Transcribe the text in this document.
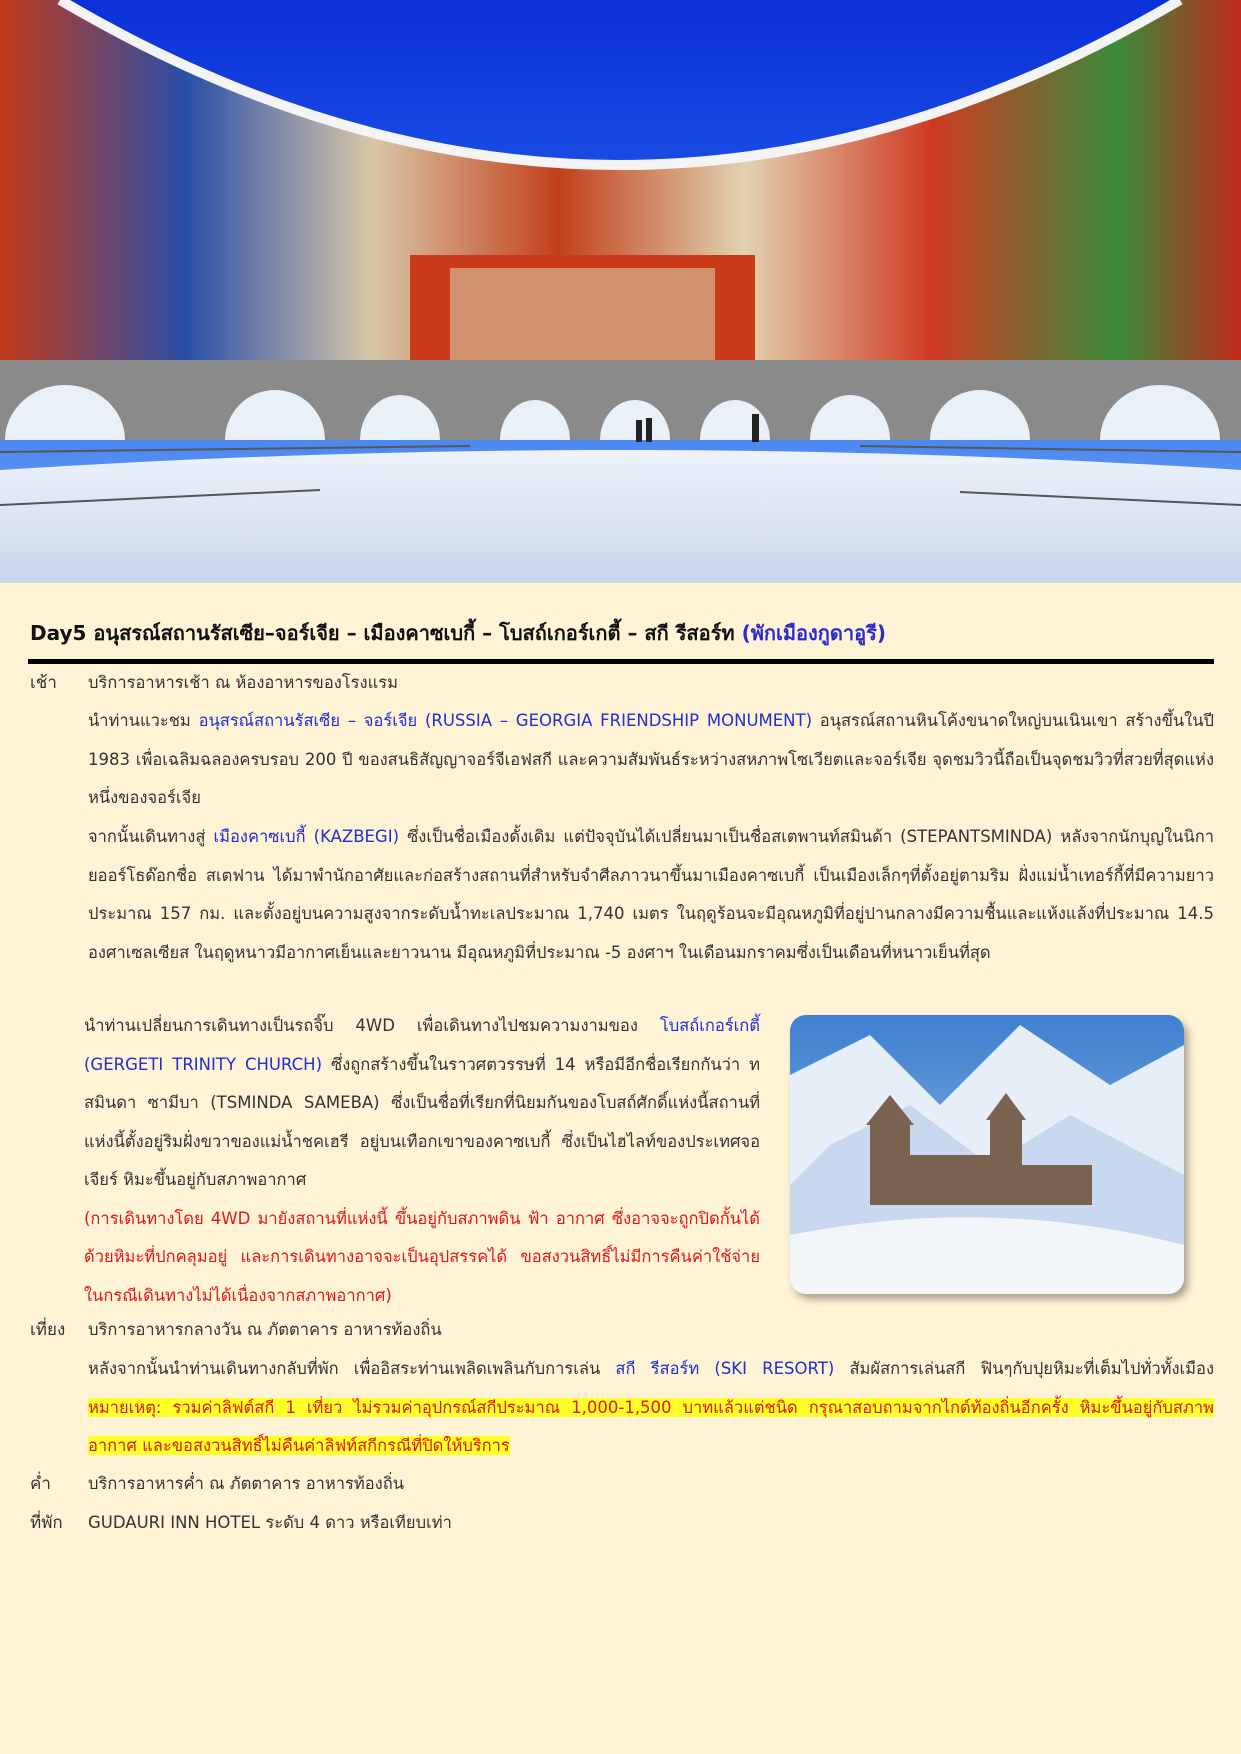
Day5 อนุสรณ์สถานรัสเซีย–จอร์เจีย – เมืองคาซเบกี้ – โบสถ์เกอร์เกตี้ – สกี รีสอร์ท (พักเมืองกูดาอูรี)
เช้า บริการอาหารเช้า ณ ห้องอาหารของโรงแรม
นำท่านแวะชม อนุสรณ์สถานรัสเซีย – จอร์เจีย (RUSSIA – GEORGIA FRIENDSHIP MONUMENT) อนุสรณ์สถานหินโค้งขนาดใหญ่บนเนินเขา สร้างขึ้นในปี 1983 เพื่อเฉลิมฉลองครบรอบ 200 ปี ของสนธิสัญญาจอร์จีเอฟสกี และความสัมพันธ์ระหว่างสหภาพโซเวียตและจอร์เจีย จุดชมวิวนี้ถือเป็นจุดชมวิวที่สวยที่สุดแห่งหนึ่งของจอร์เจีย
จากนั้นเดินทางสู่ เมืองคาซเบกี้ (KAZBEGI) ซึ่งเป็นชื่อเมืองดั้งเดิม แต่ปัจจุบันได้เปลี่ยนมาเป็นชื่อสเตพานท์สมินด้า (STEPANTSMINDA) หลังจากนักบุญในนิกายออร์โธด๊อกชื่อ สเตฟาน ได้มาพำนักอาศัยและก่อสร้างสถานที่สำหรับจำศีลภาวนาขึ้นมาเมืองคาซเบกี้ เป็นเมืองเล็กๆที่ตั้งอยู่ตามริม ฝั่งแม่น้ำเทอร์กี้ที่มีความยาวประมาณ 157 กม. และตั้งอยู่บนความสูงจากระดับน้ำทะเลประมาณ 1,740 เมตร ในฤดูร้อนจะมีอุณหภูมิที่อยู่ปานกลางมีความชื้นและแห้งแล้งที่ประมาณ 14.5 องศาเซลเซียส ในฤดูหนาวมีอากาศเย็นและยาวนาน มีอุณหภูมิที่ประมาณ -5 องศาฯ ในเดือนมกราคมซึ่งเป็นเดือนที่หนาวเย็นที่สุด
นำท่านเปลี่ยนการเดินทางเป็นรถจิ๊บ 4WD เพื่อเดินทางไปชมความงามของ โบสถ์เกอร์เกตี้ (GERGETI TRINITY CHURCH) ซึ่งถูกสร้างขึ้นในราวศตวรรษที่ 14 หรือมีอีกชื่อเรียกกันว่า ทสมินดา ซามีบา (TSMINDA SAMEBA) ซึ่งเป็นชื่อที่เรียกที่นิยมกันของโบสถ์ศักดิ์แห่งนี้สถานที่แห่งนี้ตั้งอยู่ริมฝั่งขวาของแม่น้ำชคเฮรี อยู่บนเทือกเขาของคาซเบกี้ ซึ่งเป็นไฮไลท์ของประเทศจอเจียร์ หิมะขึ้นอยู่กับสภาพอากาศ
(การเดินทางโดย 4WD มายังสถานที่แห่งนี้ ขึ้นอยู่กับสภาพดิน ฟ้า อากาศ ซึ่งอาจจะถูกปิดกั้นได้ด้วยหิมะที่ปกคลุมอยู่ และการเดินทางอาจจะเป็นอุปสรรคได้ ขอสงวนสิทธิ์ไม่มีการคืนค่าใช้จ่ายในกรณีเดินทางไม่ได้เนื่องจากสภาพอากาศ)
เที่ยง บริการอาหารกลางวัน ณ ภัตตาคาร อาหารท้องถิ่น
หลังจากนั้นนำท่านเดินทางกลับที่พัก เพื่ออิสระท่านเพลิดเพลินกับการเล่น สกี รีสอร์ท (SKI RESORT) สัมผัสการเล่นสกี ฟินๆกับปุยหิมะที่เต็มไปทั่วทั้งเมือง หมายเหตุ: รวมค่าลิฟต์สกี 1 เที่ยว ไม่รวมค่าอุปกรณ์สกีประมาณ 1,000-1,500 บาทแล้วแต่ชนิด กรุณาสอบถามจากไกด์ท้องถิ่นอีกครั้ง หิมะขึ้นอยู่กับสภาพอากาศ และขอสงวนสิทธิ์ไม่คืนค่าลิฟท์สกีกรณีที่ปิดให้บริการ
ค่ำ บริการอาหารค่ำ ณ ภัตตาคาร อาหารท้องถิ่น
ที่พัก GUDAURI INN HOTEL ระดับ 4 ดาว หรือเทียบเท่า
